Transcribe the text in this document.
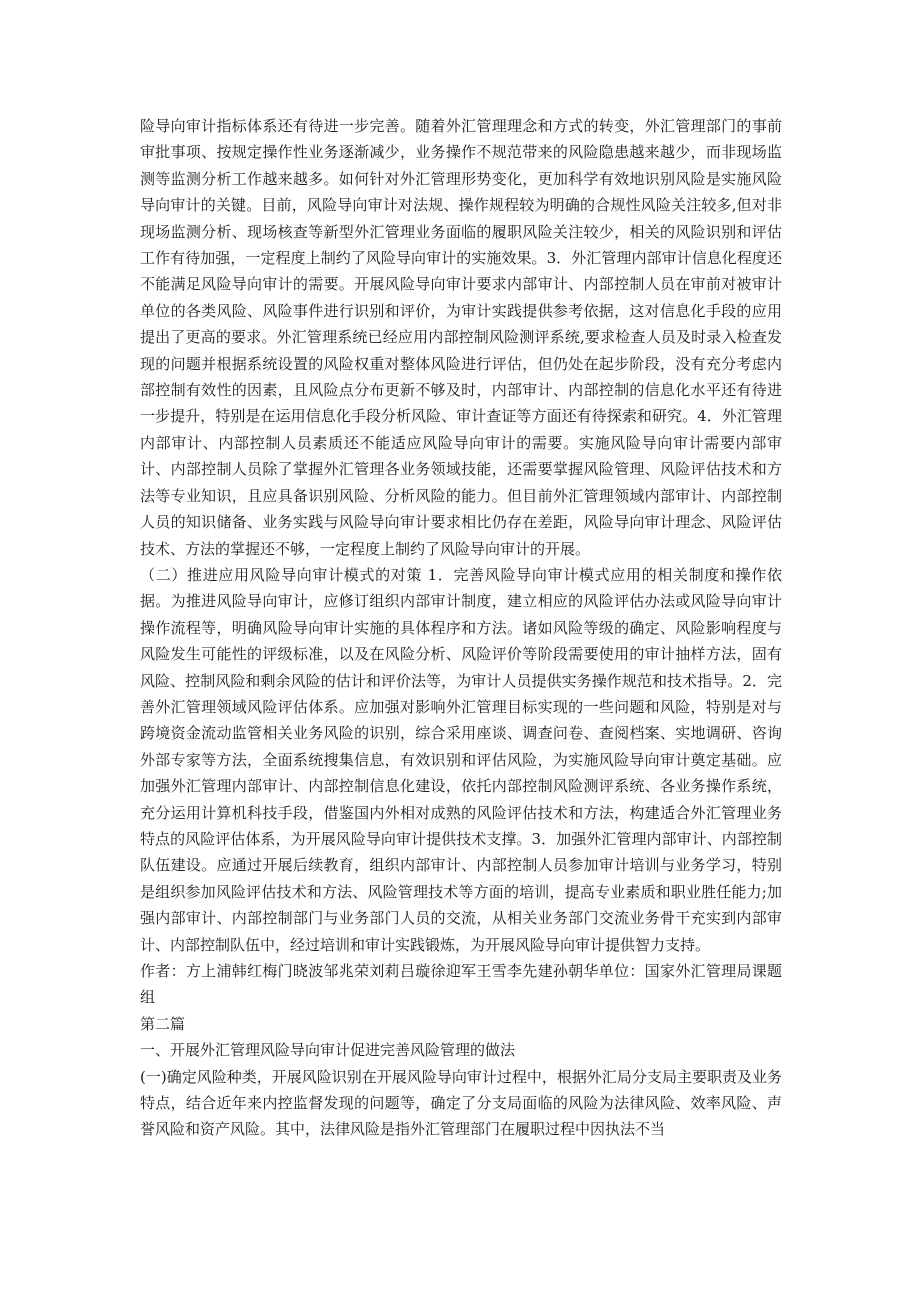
险导向审计指标体系还有待进一步完善。随着外汇管理理念和方式的转变，外汇管理部门的事前审批事项、按规定操作性业务逐渐减少，业务操作不规范带来的风险隐患越来越少，而非现场监测等监测分析工作越来越多。如何针对外汇管理形势变化，更加科学有效地识别风险是实施风险导向审计的关键。目前，风险导向审计对法规、操作规程较为明确的合规性风险关注较多,但对非现场监测分析、现场核查等新型外汇管理业务面临的履职风险关注较少，相关的风险识别和评估工作有待加强，一定程度上制约了风险导向审计的实施效果。3．外汇管理内部审计信息化程度还不能满足风险导向审计的需要。开展风险导向审计要求内部审计、内部控制人员在审前对被审计单位的各类风险、风险事件进行识别和评价，为审计实践提供参考依据，这对信息化手段的应用提出了更高的要求。外汇管理系统已经应用内部控制风险测评系统,要求检查人员及时录入检查发现的问题并根据系统设置的风险权重对整体风险进行评估，但仍处在起步阶段，没有充分考虑内部控制有效性的因素，且风险点分布更新不够及时，内部审计、内部控制的信息化水平还有待进一步提升，特别是在运用信息化手段分析风险、审计查证等方面还有待探索和研究。4．外汇管理内部审计、内部控制人员素质还不能适应风险导向审计的需要。实施风险导向审计需要内部审计、内部控制人员除了掌握外汇管理各业务领域技能，还需要掌握风险管理、风险评估技术和方法等专业知识，且应具备识别风险、分析风险的能力。但目前外汇管理领域内部审计、内部控制人员的知识储备、业务实践与风险导向审计要求相比仍存在差距，风险导向审计理念、风险评估技术、方法的掌握还不够，一定程度上制约了风险导向审计的开展。

（二）推进应用风险导向审计模式的对策 1．完善风险导向审计模式应用的相关制度和操作依据。为推进风险导向审计，应修订组织内部审计制度，建立相应的风险评估办法或风险导向审计操作流程等，明确风险导向审计实施的具体程序和方法。诸如风险等级的确定、风险影响程度与风险发生可能性的评级标准，以及在风险分析、风险评价等阶段需要使用的审计抽样方法，固有风险、控制风险和剩余风险的估计和评价法等，为审计人员提供实务操作规范和技术指导。2．完善外汇管理领域风险评估体系。应加强对影响外汇管理目标实现的一些问题和风险，特别是对与跨境资金流动监管相关业务风险的识别，综合采用座谈、调查问卷、查阅档案、实地调研、咨询外部专家等方法，全面系统搜集信息，有效识别和评估风险，为实施风险导向审计奠定基础。应加强外汇管理内部审计、内部控制信息化建设，依托内部控制风险测评系统、各业务操作系统，充分运用计算机科技手段，借鉴国内外相对成熟的风险评估技术和方法，构建适合外汇管理业务特点的风险评估体系，为开展风险导向审计提供技术支撑。3．加强外汇管理内部审计、内部控制队伍建设。应通过开展后续教育，组织内部审计、内部控制人员参加审计培训与业务学习，特别是组织参加风险评估技术和方法、风险管理技术等方面的培训，提高专业素质和职业胜任能力;加强内部审计、内部控制部门与业务部门人员的交流，从相关业务部门交流业务骨干充实到内部审计、内部控制队伍中，经过培训和审计实践锻炼，为开展风险导向审计提供智力支持。

作者：方上浦韩红梅门晓波邹兆荣刘莉吕璇徐迎军王雪李先建孙朝华单位：国家外汇管理局课题组

第二篇

一、开展外汇管理风险导向审计促进完善风险管理的做法

(一)确定风险种类，开展风险识别在开展风险导向审计过程中，根据外汇局分支局主要职责及业务特点，结合近年来内控监督发现的问题等，确定了分支局面临的风险为法律风险、效率风险、声誉风险和资产风险。其中，法律风险是指外汇管理部门在履职过程中因执法不当
